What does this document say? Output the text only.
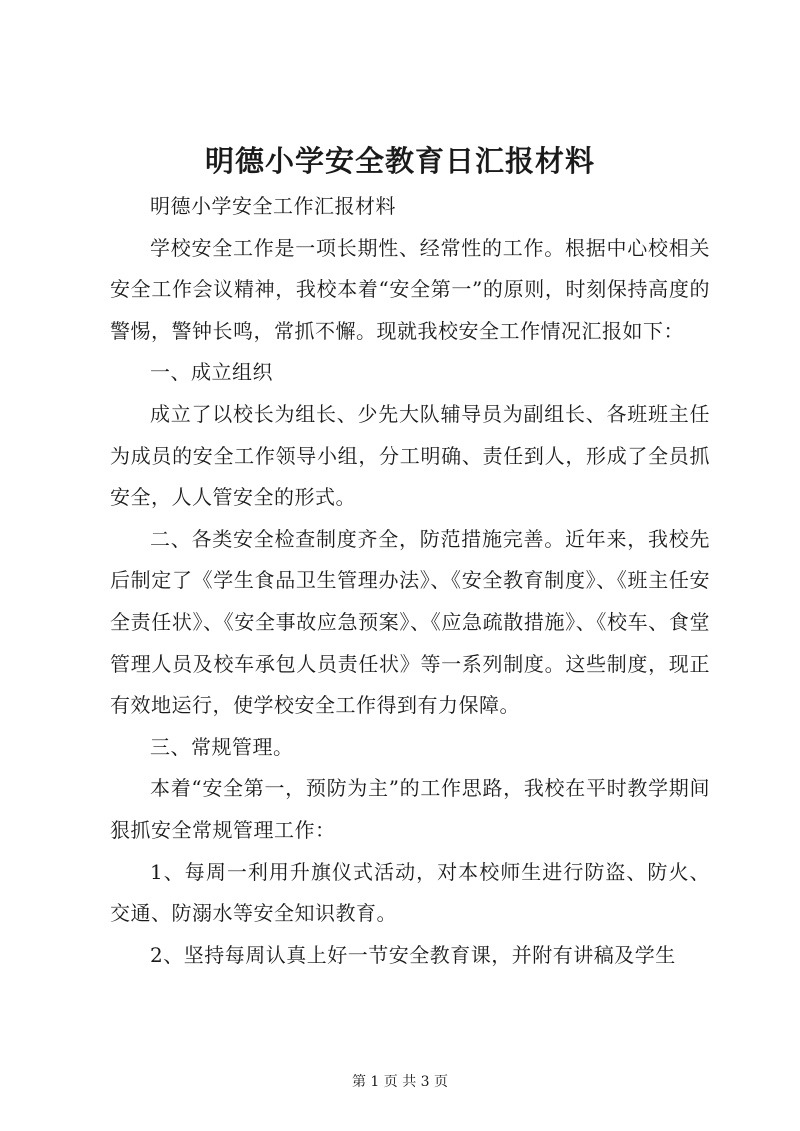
明德小学安全教育日汇报材料

明德小学安全工作汇报材料

学校安全工作是一项长期性、经常性的工作。根据中心校相关安全工作会议精神，我校本着“安全第一”的原则，时刻保持高度的警惕，警钟长鸣，常抓不懈。现就我校安全工作情况汇报如下：

一、成立组织

成立了以校长为组长、少先大队辅导员为副组长、各班班主任为成员的安全工作领导小组，分工明确、责任到人，形成了全员抓安全，人人管安全的形式。

二、各类安全检查制度齐全，防范措施完善。近年来，我校先后制定了《学生食品卫生管理办法》、《安全教育制度》、《班主任安全责任状》、《安全事故应急预案》、《应急疏散措施》、《校车、食堂管理人员及校车承包人员责任状》等一系列制度。这些制度，现正有效地运行，使学校安全工作得到有力保障。

三、常规管理。

本着“安全第一，预防为主”的工作思路，我校在平时教学期间狠抓安全常规管理工作：

1、每周一利用升旗仪式活动，对本校师生进行防盗、防火、交通、防溺水等安全知识教育。

2、坚持每周认真上好一节安全教育课，并附有讲稿及学生

第 1 页 共 3 页
